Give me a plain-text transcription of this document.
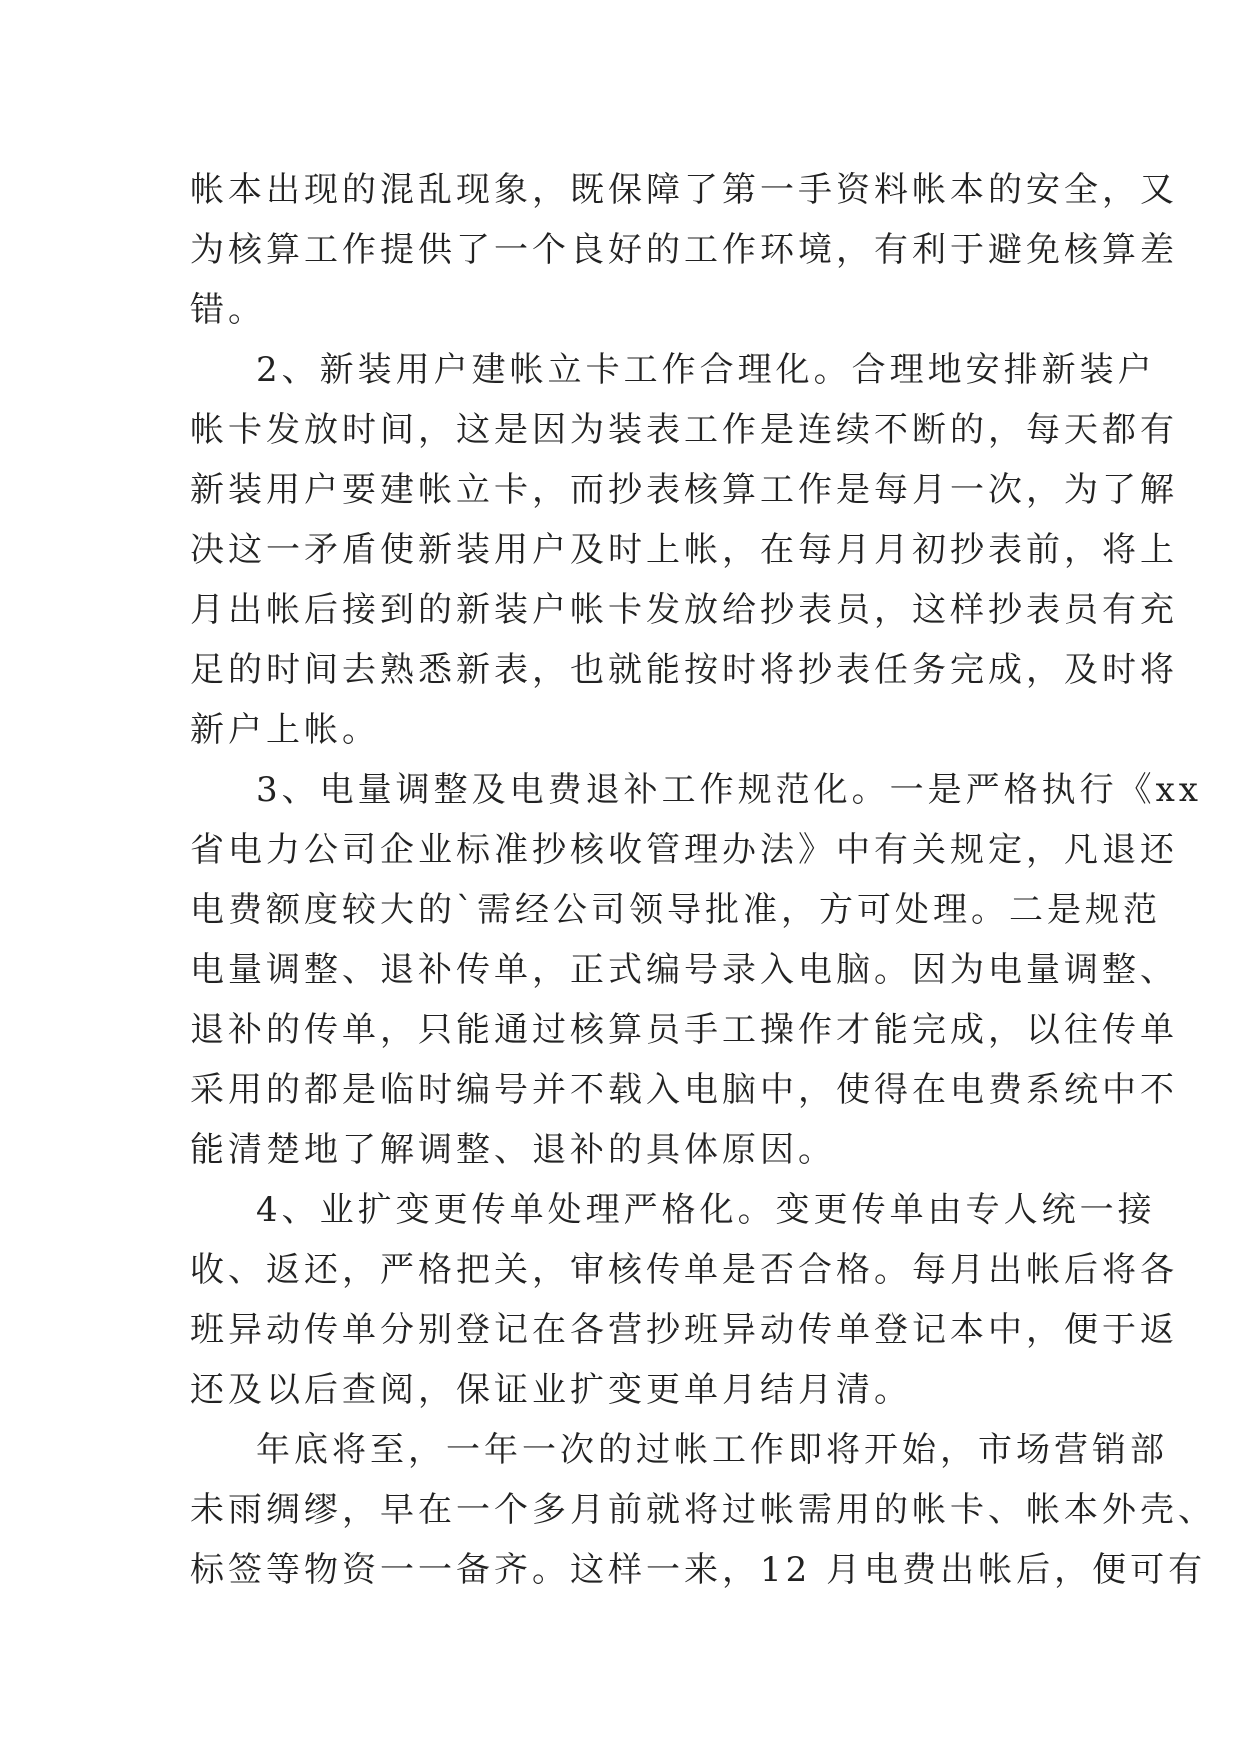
帐本出现的混乱现象，既保障了第一手资料帐本的安全，又
为核算工作提供了一个良好的工作环境，有利于避免核算差
错。
2、新装用户建帐立卡工作合理化。合理地安排新装户
帐卡发放时间，这是因为装表工作是连续不断的，每天都有
新装用户要建帐立卡，而抄表核算工作是每月一次，为了解
决这一矛盾使新装用户及时上帐，在每月月初抄表前，将上
月出帐后接到的新装户帐卡发放给抄表员，这样抄表员有充
足的时间去熟悉新表，也就能按时将抄表任务完成，及时将
新户上帐。
3、电量调整及电费退补工作规范化。一是严格执行《xx
省电力公司企业标准抄核收管理办法》中有关规定，凡退还
电费额度较大的`需经公司领导批准，方可处理。二是规范
电量调整、退补传单，正式编号录入电脑。因为电量调整、
退补的传单，只能通过核算员手工操作才能完成，以往传单
采用的都是临时编号并不载入电脑中，使得在电费系统中不
能清楚地了解调整、退补的具体原因。
4、业扩变更传单处理严格化。变更传单由专人统一接
收、返还，严格把关，审核传单是否合格。每月出帐后将各
班异动传单分别登记在各营抄班异动传单登记本中，便于返
还及以后查阅，保证业扩变更单月结月清。
年底将至，一年一次的过帐工作即将开始，市场营销部
未雨绸缪，早在一个多月前就将过帐需用的帐卡、帐本外壳、
标签等物资一一备齐。这样一来，12 月电费出帐后，便可有
